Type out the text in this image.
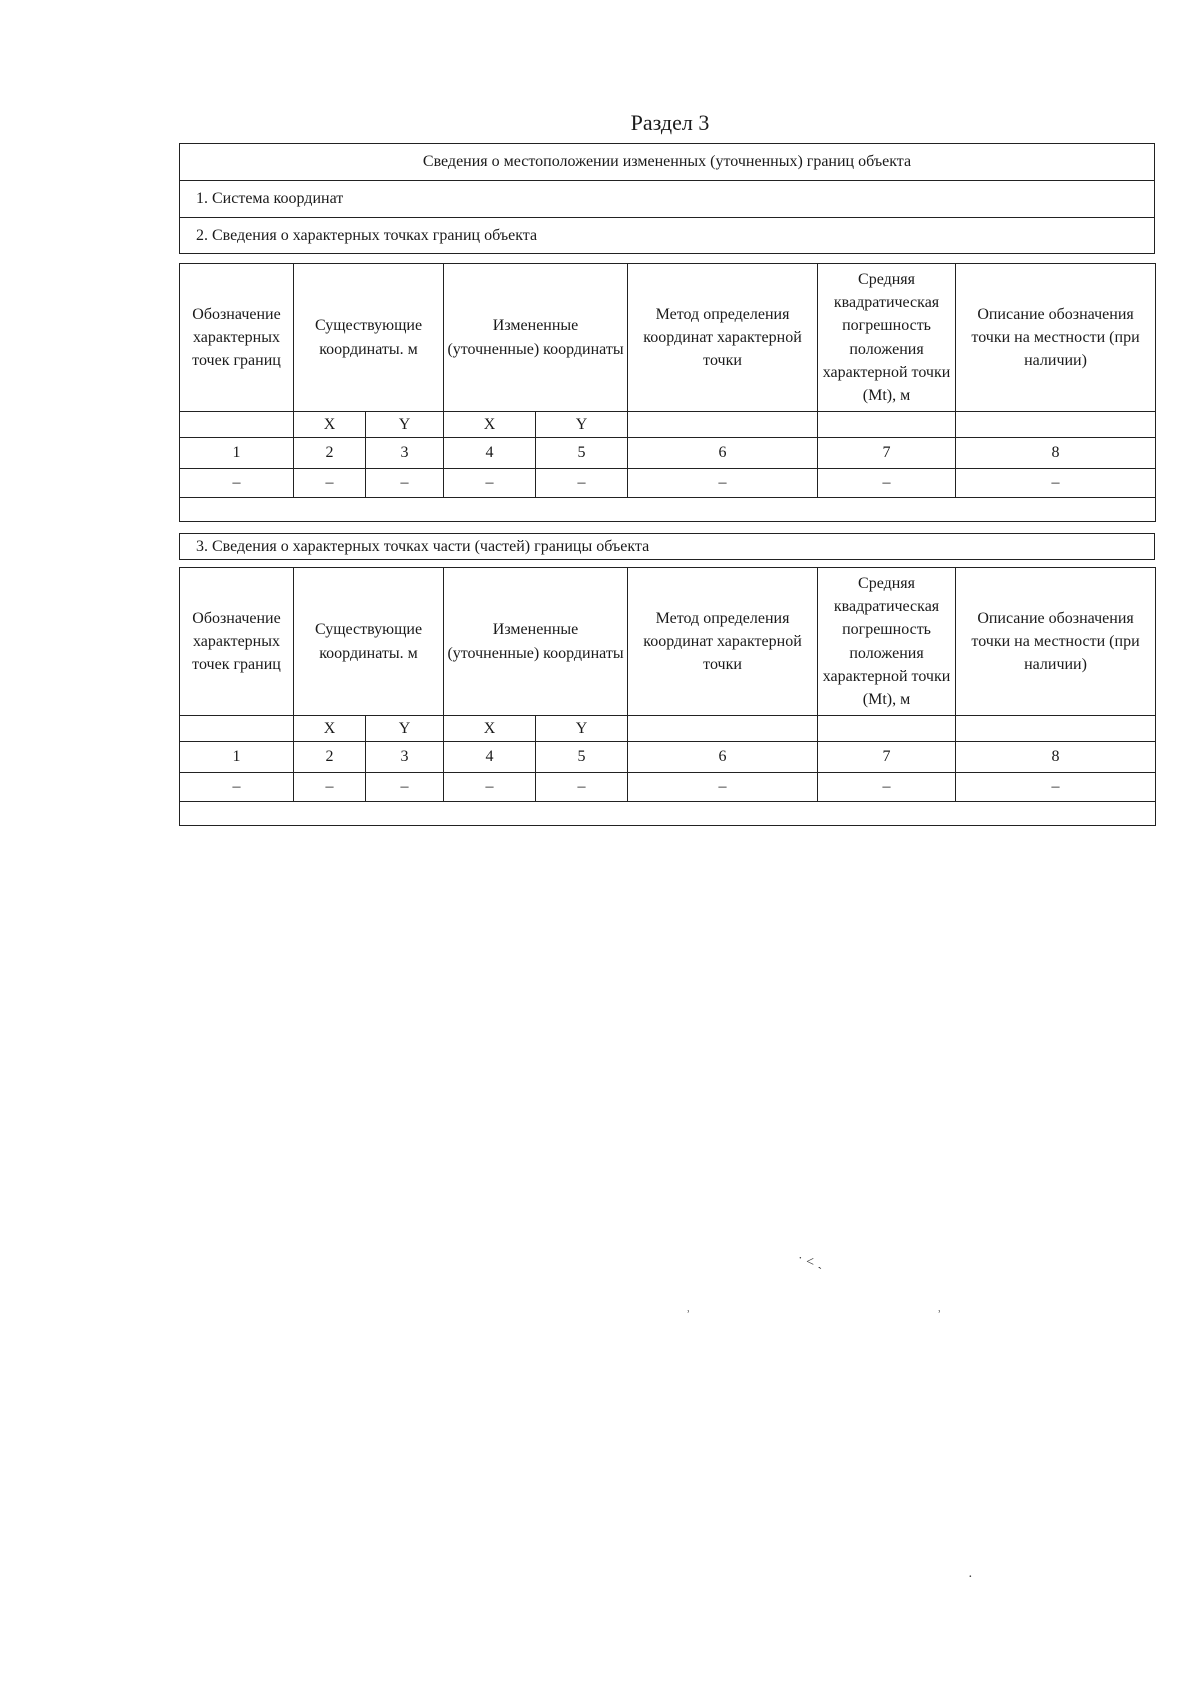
Раздел 3
Сведения о местоположении измененных (уточненных) границ объекта
1. Система координат
2. Сведения о характерных точках границ объекта
Обозначение характерных точек границ	Существующие координаты. м		Измененные (уточненные) координаты		Метод определения координат характерной точки	Средняя квадратическая погрешность положения характерной точки (Mt), м	Описание обозначения точки на местности (при наличии)
	X	Y	X	Y			
1	2	3	4	5	6	7	8
–	–	–	–	–	–	–	–

3. Сведения о характерных точках части (частей) границы объекта
Обозначение характерных точек границ	Существующие координаты. м		Измененные (уточненные) координаты		Метод определения координат характерной точки	Средняя квадратическая погрешность положения характерной точки (Mt), м	Описание обозначения точки на местности (при наличии)
	X	Y	X	Y			
1	2	3	4	5	6	7	8
–	–	–	–	–	–	–	–

˙ ˂ ˎ
˒	˒
·
